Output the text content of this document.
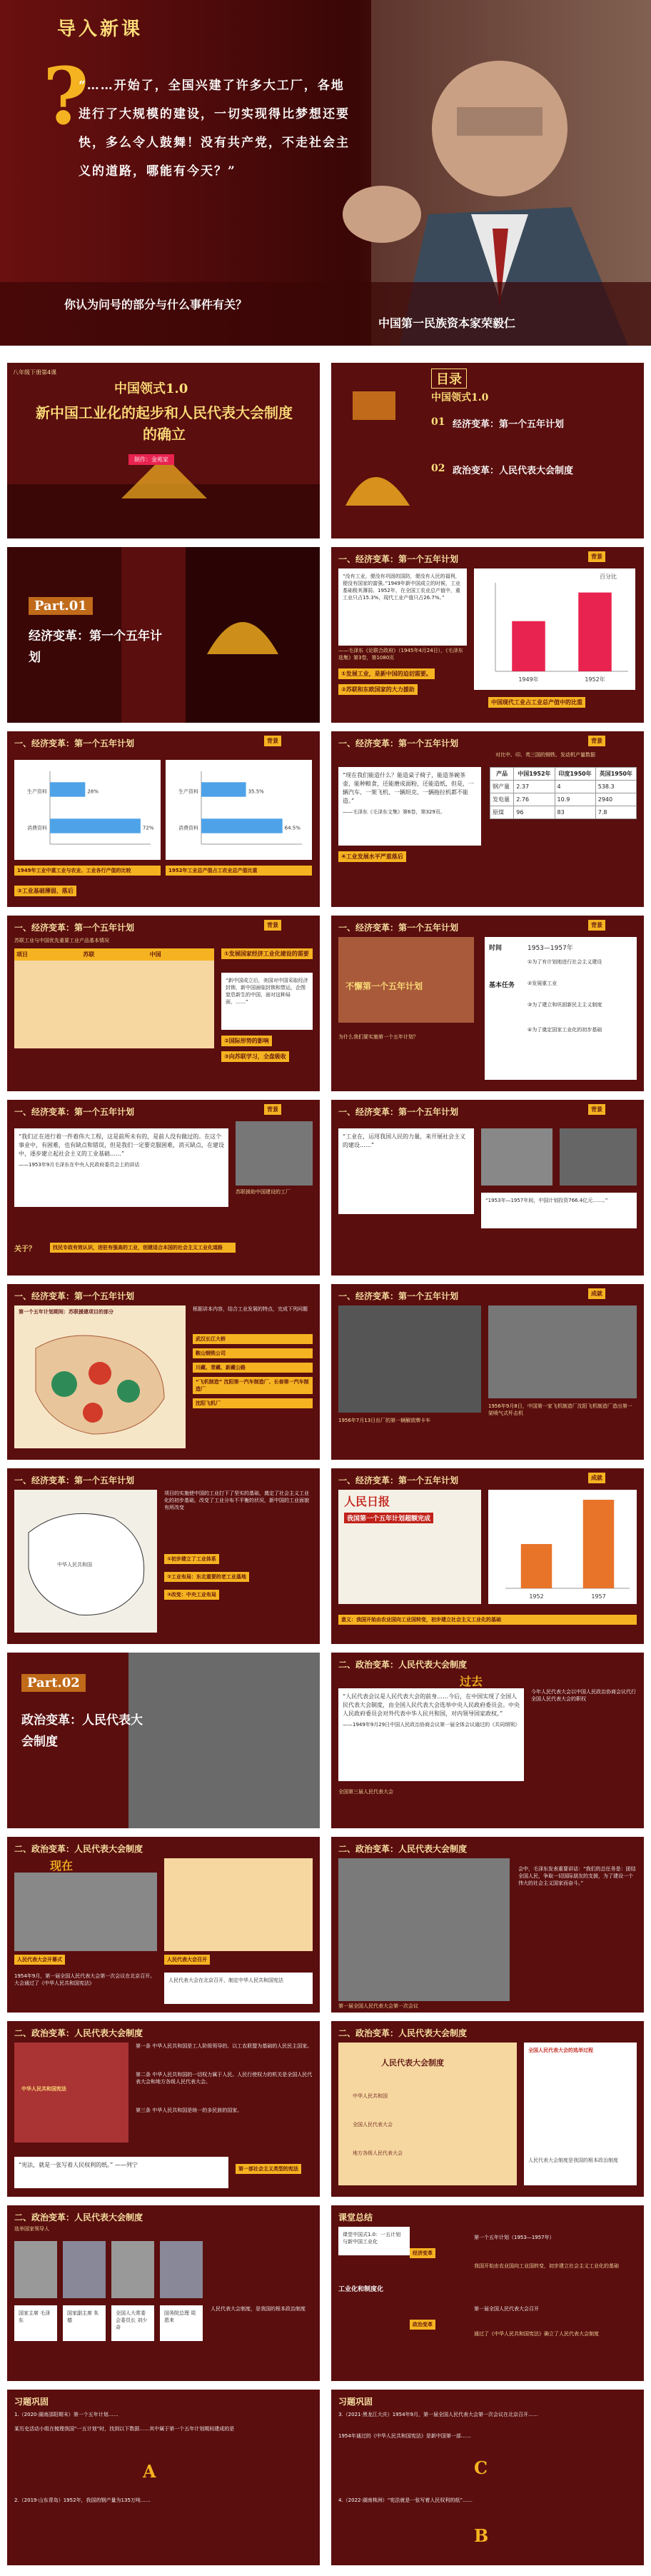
导入新课
?
“……开始了，全国兴建了许多大工厂，各地进行了大规模的建设，一切实现得比梦想还要快，多么令人鼓舞！没有共产党，不走社会主义的道路，哪能有今天？”
你认为问号的部分与什么事件有关？
中国第一民族资本家荣毅仁
八年级下册第4课
中国领式1.0
新中国工业化的起步和人民代表大会制度的确立
制作：金苑家
目录
中国领式1.0
01 经济变革：第一个五年计划
02 政治变革：人民代表大会制度
Part.01
经济变革：第一个五年计划
一、经济变革：第一个五年计划	背景
“没有工业，便没有巩固的国防，便没有人民的福利，便没有国家的富强。”1949年新中国成立的时候，工业基础极其薄弱。1952年，在全国工农业总产值中，重工业只占15.3%，现代工业产值只占26.7%。”
——毛泽东《论联合政府》（1945年4月24日），《毛泽东选集》第3卷，第1080页
①发展工业，是新中国的迫切需要。
②苏联和东欧国家的大力援助
1949年	1952年
百分比
中国现代工业占工业总产值中的比重
一、经济变革：第一个五年计划	背景
生产资料	28%
消费资料	72%
生产资料	35.5%
消费资料	64.5%
1949年工业中重工业与农业、工业各行产值的比较	1952年工业总产值占工农业总产值比重
③工业基础薄弱、落后
一、经济变革：第一个五年计划	背景
对比中、印、英三国的钢铁、发动机产量数据
“现在我们能造什么？能造桌子椅子，能造茶碗茶壶，能种粮食，还能磨成面粉，还能造纸，但是，一辆汽车、一架飞机、一辆坦克、一辆拖拉机都不能造。”
——毛泽东《毛泽东文集》第6卷，第329页。
④工业发展水平严重落后
产品	中国1952年	印度1950年	英国1950年
钢产量	2.37	4	538.3
发电量	2.76	10.9	2940
原煤	96	83	7.8
一、经济变革：第一个五年计划	背景
苏联工业与中国优先重要工业产品基本情况
项目	苏联	中国	①发展国家经济工业化建设的需要
“新中国成立后，美国对中国采取经济封锁，新中国面临封锁和禁运，企图窒息新生的中国，面对这种局面，……”
②国际形势的影响
③向苏联学习，全盘吸收
一、经济变革：第一个五年计划	背景
不懈第一个五年计划
为什么我们要实施第一个五年计划？
时间	1953—1957年
基本任务
①为了有计划地进行社会主义建设
②发展重工业
③为了建立和巩固新民主主义制度
④为了奠定国家工业化的初步基础
一、经济变革：第一个五年计划	背景
“我们正在进行着一件着伟大工程，这是前所未有的，是前人没有做过的。在这个事业中，有困难，也有缺点和错误，但是我们一定要克服困难，消灭缺点，在建设中，逐步建立起社会主义的工业基础……”
——1953年9月毛泽东在中央人民政府委员会上的讲话
关于？	找民专政有效认识，进驻有强高的工业，创建适合本国的社会主义工业化道路
苏联援助中国建设的工厂
一、经济变革：第一个五年计划	背景
“工业在，运用我国人民的力量，来开展社会主义的建设……”
“1953年—1957年间，中国计划投资766.4亿元……。”
一、经济变革：第一个五年计划
第一个五年计划期间：苏联援建项目的部分	根据讲本内容，结合工业发展的特点，完成下列问题
武汉长江大桥
鞍山钢铁公司
川藏、青藏、新藏公路
“飞机制造” 沈阳第一汽车制造厂、长春第一汽车制造厂
沈阳飞机厂
一、经济变革：第一个五年计划	成就
1956年7月13日出厂的第一辆解放牌卡车
1956年9月8日，中国第一家飞机制造厂沈阳飞机制造厂造出第一架喷气式歼击机
一、经济变革：第一个五年计划
中华人民共和国
项目的实施使中国的工业打下了坚实的基础，奠定了社会主义工业化的初步基础，改变了工业分布不平衡的状况，新中国的工业面貌有所改变
①初步建立了工业体系
②工业布局：东北重要的老工业基地
③改变：中央工业布局
一、经济变革：第一个五年计划	成就
人民日报
我国第一个五年计划超额完成
1952	1957
意义：我国开始由农业国向工业国转变，初步建立社会主义工业化的基础
Part.02
政治变革：人民代表大会制度
二、政治变革：人民代表大会制度
过去
“人民代表会议是人民代表大会的前身……今后，在中国实现了全国人民代表大会制度，由全国人民代表大会选举中央人民政府委员会。中央人民政府委员会对外代表中华人民共和国，对内领导国家政权。”
——1949年9月29日中国人民政治协商会议第一届全体会议通过的《共同纲领》
今年人民代表大会以中国人民政治协商会议代行全国人民代表大会的职权
全国第三届人民代表大会
二、政治变革：人民代表大会制度
现在
人民代表大会开幕式	人民代表大会召开
1954年9月，第一届全国人民代表大会第一次会议在北京召开。大会通过了《中华人民共和国宪法》	人民代表大会在北京召开，制定中华人民共和国宪法
二、政治变革：人民代表大会制度
第一届全国人民代表大会第一次会议
会中，毛泽东发表重要讲话：“我们的总任务是：团结全国人民，争取一切国际朋友的支援，为了建设一个伟大的社会主义国家而奋斗。”
二、政治变革：人民代表大会制度
中华人民共和国宪法
第一条 中华人民共和国是工人阶级领导的、以工农联盟为基础的人民民主国家。
第二条 中华人民共和国的一切权力属于人民。人民行使权力的机关是全国人民代表大会和地方各级人民代表大会。
第三条 中华人民共和国是统一的多民族的国家。
“宪法，就是一张写着人民权利的纸。” ——列宁
第一部社会主义类型的宪法
二、政治变革：人民代表大会制度
人民代表大会制度
中华人民共和国
全国人民代表大会
地方各级人民代表大会
全国人民代表大会的选举过程
人民代表大会制度是我国的根本政治制度
二、政治变革：人民代表大会制度
选举国家领导人
国家主席 毛泽东
国家副主席 朱德
全国人大常委会委员长 刘少奇
国务院总理 周恩来
人民代表大会制度，是我国的根本政治制度
课堂总结
课堂中国式1.0：一五计划与新中国工业化
工业化和制度化
经济变革
政治变革
第一个五年计划（1953—1957年）
我国开始由农业国向工业国转变，初步建立社会主义工业化的基础
第一届全国人民代表大会召开
通过了《中华人民共和国宪法》确立了人民代表大会制度
习题巩固
1.（2020·湖南邵阳期末）第一个五年计划……
某历史活动小组在梳理我国“一五计划”时，找到以下数据……其中属于第一个五年计划期间建成的是
A
2.（2019·山东青岛）1952年，我国的钢产量为135万吨……
习题巩固
3.（2021·黑龙江大庆）1954年9月，第一届全国人民代表大会第一次会议在北京召开……
1954年通过的《中华人民共和国宪法》是新中国第一部……
C
4.（2022·湖南株洲）“宪法就是一张写着人民权利的纸”……
B
